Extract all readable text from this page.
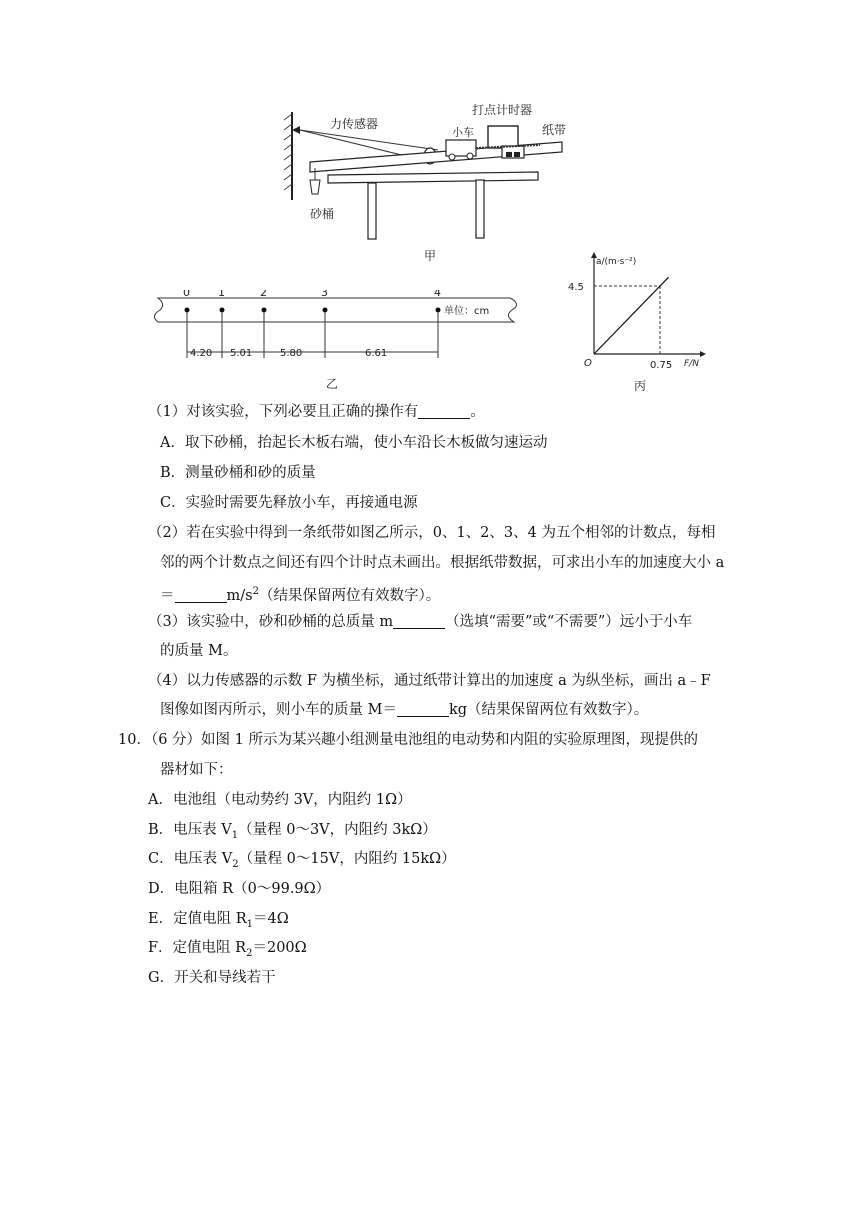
力传感器
打点计时器
纸带
小车
砂桶
甲
0	1	2	3	4
单位：cm
4.20 5.01	5.80	6.61
乙
a/(m·s⁻²)
F/N
O
4.5
0.75
丙
（1）对该实验，下列必要且正确的操作有	。
A．取下砂桶，抬起长木板右端，使小车沿长木板做匀速运动
B．测量砂桶和砂的质量
C．实验时需要先释放小车，再接通电源
（2）若在实验中得到一条纸带如图乙所示，0、1、2、3、4 为五个相邻的计数点，每相
邻的两个计数点之间还有四个计时点未画出。根据纸带数据，可求出小车的加速度大小 a
＝	$m/s^2$（结果保留两位有效数字）。
（3）该实验中，砂和砂桶的总质量 m	（选填“需要”或“不需要”）远小于小车
的质量 M。
（4）以力传感器的示数 F 为横坐标，通过纸带计算出的加速度 a 为纵坐标，画出 a﹣F
图像如图丙所示，则小车的质量 M＝	kg（结果保留两位有效数字）。
10．（6 分）如图 1 所示为某兴趣小组测量电池组的电动势和内阻的实验原理图，现提供的
器材如下：
A．电池组（电动势约 3V，内阻约 1Ω）
B．电压表 $V_1$（量程 0～3V，内阻约 3kΩ）
C．电压表 $V_2$（量程 0～15V，内阻约 15kΩ）
D．电阻箱 R（0～99.9Ω）
E．定值电阻 $R_1=4\Omega$
F．定值电阻 $R_2=200\Omega$
G．开关和导线若干
